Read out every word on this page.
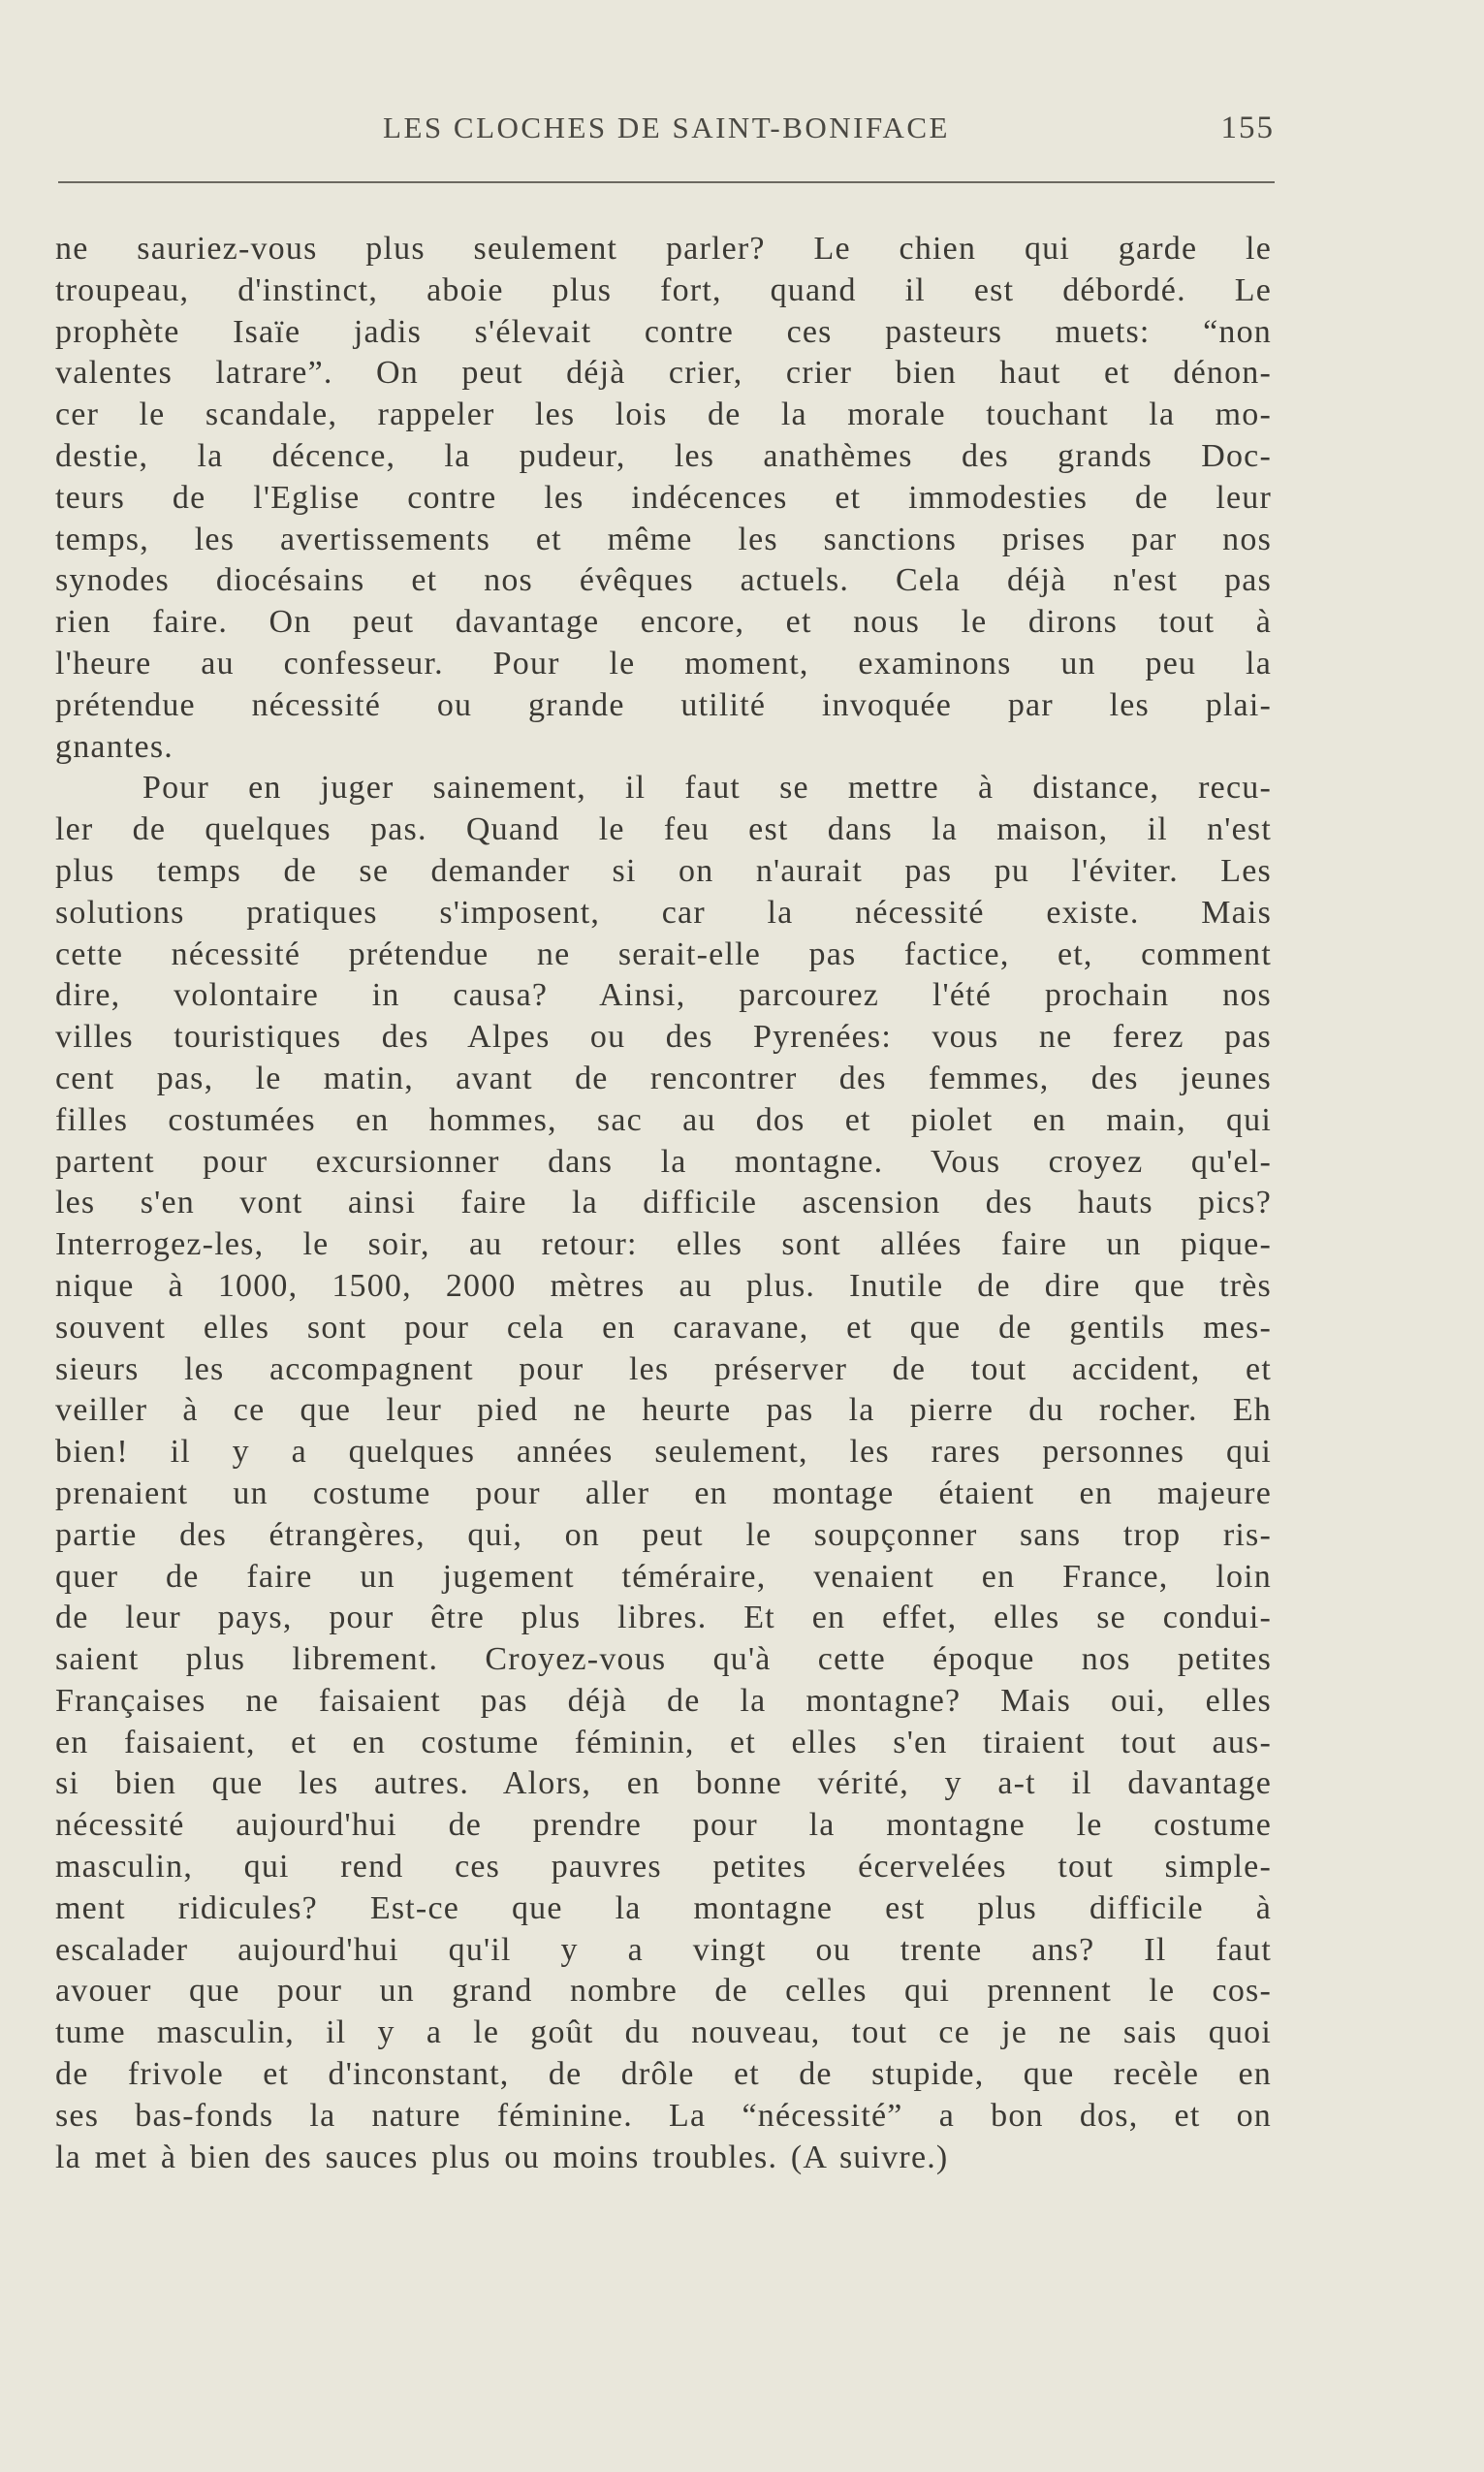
LES CLOCHES DE SAINT-BONIFACE	155
ne sauriez-vous plus seulement parler? Le chien qui garde le
troupeau, d'instinct, aboie plus fort, quand il est débordé. Le
prophète Isaïe jadis s'élevait contre ces pasteurs muets: “non
valentes latrare”. On peut déjà crier, crier bien haut et dénon-
cer le scandale, rappeler les lois de la morale touchant la mo-
destie, la décence, la pudeur, les anathèmes des grands Doc-
teurs de l'Eglise contre les indécences et immodesties de leur
temps, les avertissements et même les sanctions prises par nos
synodes diocésains et nos évêques actuels. Cela déjà n'est pas
rien faire. On peut davantage encore, et nous le dirons tout à
l'heure au confesseur. Pour le moment, examinons un peu la
prétendue nécessité ou grande utilité invoquée par les plai-
gnantes.
Pour en juger sainement, il faut se mettre à distance, recu-
ler de quelques pas. Quand le feu est dans la maison, il n'est
plus temps de se demander si on n'aurait pas pu l'éviter. Les
solutions pratiques s'imposent, car la nécessité existe. Mais
cette nécessité prétendue ne serait-elle pas factice, et, comment
dire, volontaire in causa? Ainsi, parcourez l'été prochain nos
villes touristiques des Alpes ou des Pyrenées: vous ne ferez pas
cent pas, le matin, avant de rencontrer des femmes, des jeunes
filles costumées en hommes, sac au dos et piolet en main, qui
partent pour excursionner dans la montagne. Vous croyez qu'el-
les s'en vont ainsi faire la difficile ascension des hauts pics?
Interrogez-les, le soir, au retour: elles sont allées faire un pique-
nique à 1000, 1500, 2000 mètres au plus. Inutile de dire que très
souvent elles sont pour cela en caravane, et que de gentils mes-
sieurs les accompagnent pour les préserver de tout accident, et
veiller à ce que leur pied ne heurte pas la pierre du rocher. Eh
bien! il y a quelques années seulement, les rares personnes qui
prenaient un costume pour aller en montage étaient en majeure
partie des étrangères, qui, on peut le soupçonner sans trop ris-
quer de faire un jugement téméraire, venaient en France, loin
de leur pays, pour être plus libres. Et en effet, elles se condui-
saient plus librement. Croyez-vous qu'à cette époque nos petites
Françaises ne faisaient pas déjà de la montagne? Mais oui, elles
en faisaient, et en costume féminin, et elles s'en tiraient tout aus-
si bien que les autres. Alors, en bonne vérité, y a-t il davantage
nécessité aujourd'hui de prendre pour la montagne le costume
masculin, qui rend ces pauvres petites écervelées tout simple-
ment ridicules? Est-ce que la montagne est plus difficile à
escalader aujourd'hui qu'il y a vingt ou trente ans? Il faut
avouer que pour un grand nombre de celles qui prennent le cos-
tume masculin, il y a le goût du nouveau, tout ce je ne sais quoi
de frivole et d'inconstant, de drôle et de stupide, que recèle en
ses bas-fonds la nature féminine. La “nécessité” a bon dos, et on
la met à bien des sauces plus ou moins troubles. (A suivre.)
